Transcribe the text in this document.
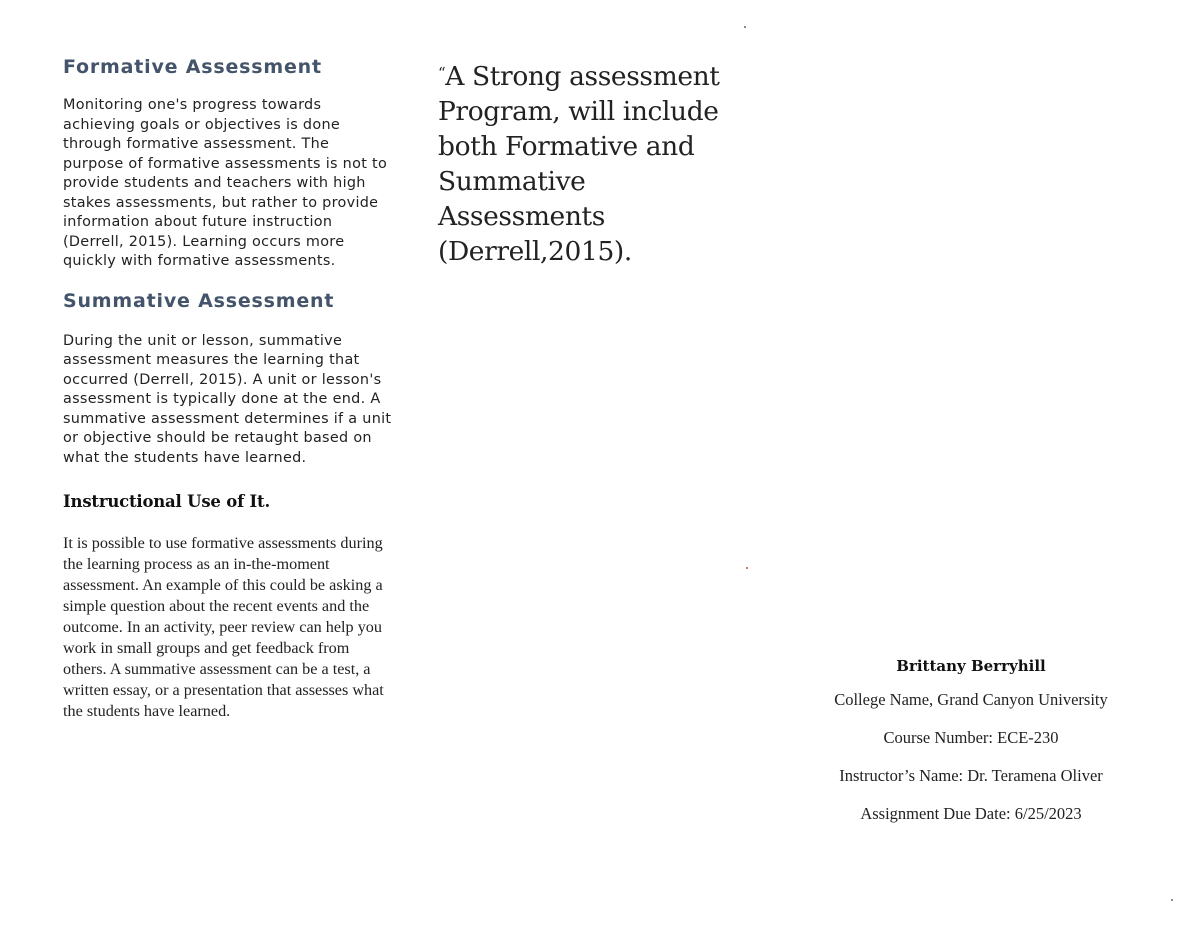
Formative Assessment

Monitoring one's progress towards achieving goals or objectives is done through formative assessment. The purpose of formative assessments is not to provide students and teachers with high stakes assessments, but rather to provide information about future instruction (Derrell, 2015). Learning occurs more quickly with formative assessments.

Summative Assessment

During the unit or lesson, summative assessment measures the learning that occurred (Derrell, 2015). A unit or lesson's assessment is typically done at the end. A summative assessment determines if a unit or objective should be retaught based on what the students have learned.

Instructional Use of It.

It is possible to use formative assessments during the learning process as an in-the-moment assessment. An example of this could be asking a simple question about the recent events and the outcome. In an activity, peer review can help you work in small groups and get feedback from others. A summative assessment can be a test, a written essay, or a presentation that assesses what the students have learned.

“A Strong assessment Program, will include both Formative and Summative Assessments (Derrell,2015).

Brittany Berryhill

College Name, Grand Canyon University

Course Number: ECE-230

Instructor’s Name: Dr. Teramena Oliver

Assignment Due Date: 6/25/2023
